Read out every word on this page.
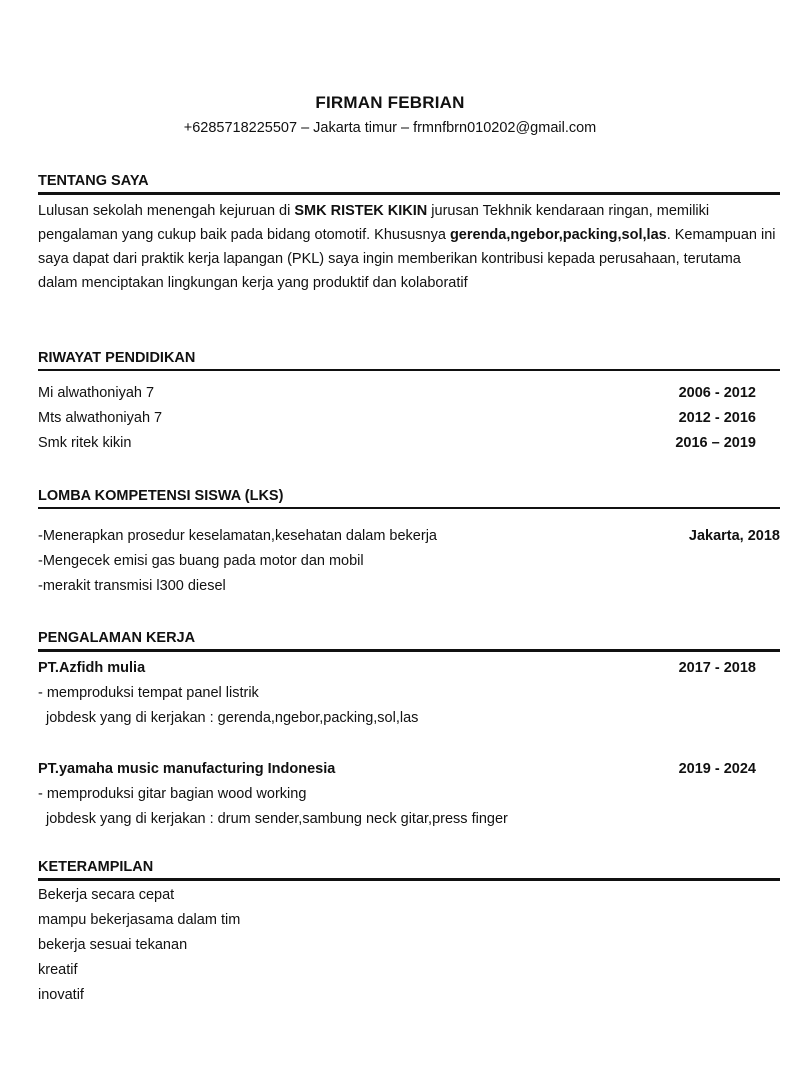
FIRMAN FEBRIAN
+6285718225507 – Jakarta timur – frmnfbrn010202@gmail.com
TENTANG SAYA
Lulusan sekolah menengah kejuruan di SMK RISTEK KIKIN jurusan Tekhnik kendaraan ringan, memiliki pengalaman yang cukup baik pada bidang otomotif. Khususnya gerenda,ngebor,packing,sol,las. Kemampuan ini saya dapat dari praktik kerja lapangan (PKL) saya ingin memberikan kontribusi kepada perusahaan, terutama dalam menciptakan lingkungan kerja yang produktif dan kolaboratif
RIWAYAT PENDIDIKAN
Mi alwathoniyah 7	2006 - 2012
Mts alwathoniyah 7	2012 - 2016
Smk ritek kikin	2016 – 2019
LOMBA KOMPETENSI SISWA (LKS)
-Menerapkan prosedur keselamatan,kesehatan dalam bekerja	Jakarta, 2018
-Mengecek emisi gas buang pada motor dan mobil
-merakit transmisi l300 diesel
PENGALAMAN KERJA
PT.Azfidh mulia	2017 - 2018
- memproduksi tempat panel listrik
jobdesk yang di kerjakan : gerenda,ngebor,packing,sol,las
PT.yamaha music manufacturing Indonesia	2019 - 2024
- memproduksi gitar bagian wood working
jobdesk yang di kerjakan : drum sender,sambung neck gitar,press finger
KETERAMPILAN
Bekerja secara cepat
mampu bekerjasama dalam tim
bekerja sesuai tekanan
kreatif
inovatif
